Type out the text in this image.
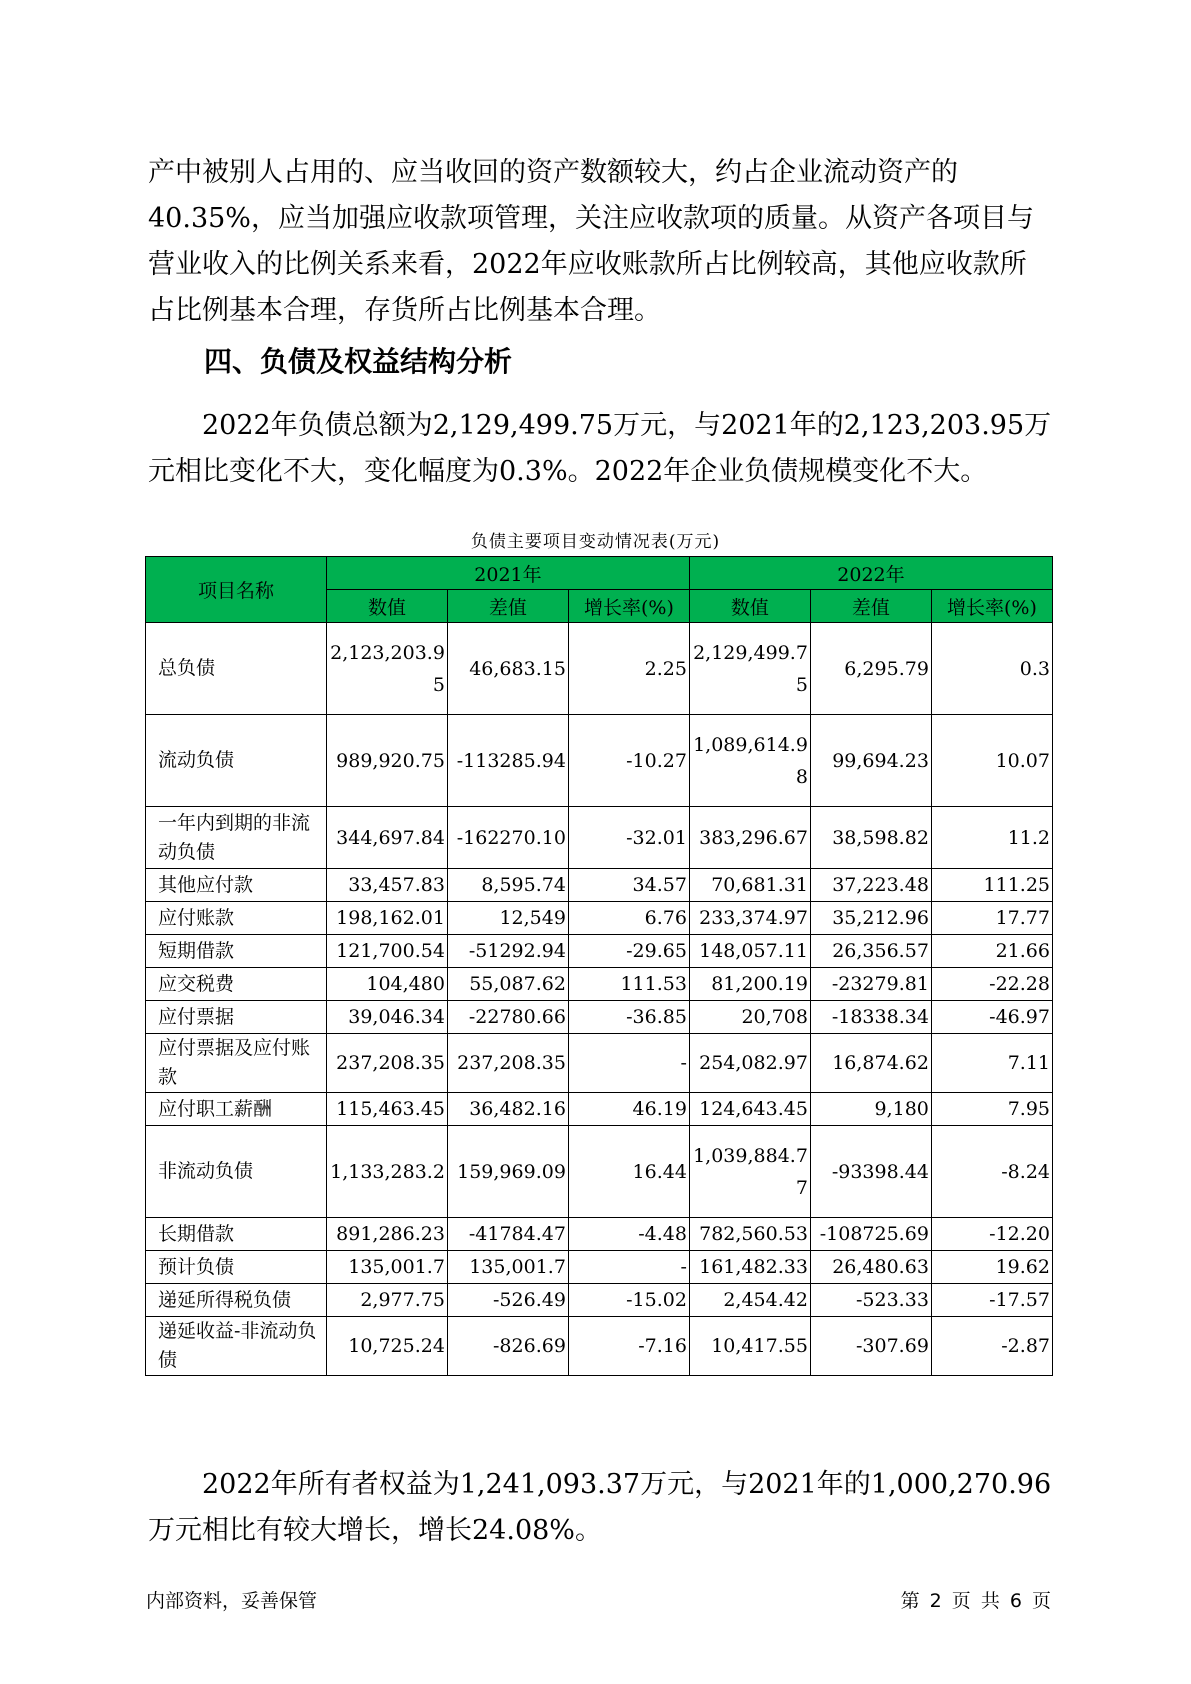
产中被别人占用的、应当收回的资产数额较大，约占企业流动资产的40.35%，应当加强应收款项管理，关注应收款项的质量。从资产各项目与营业收入的比例关系来看，2022年应收账款所占比例较高，其他应收款所占比例基本合理，存货所占比例基本合理。

四、负债及权益结构分析

2022年负债总额为2,129,499.75万元，与2021年的2,123,203.95万元相比变化不大，变化幅度为0.3%。2022年企业负债规模变化不大。

负债主要项目变动情况表(万元)
项目名称	2021年			2022年		
	数值	差值	增长率(%)	数值	差值	增长率(%)
总负债	2,123,203.95	46,683.15	2.25	2,129,499.75	6,295.79	0.3
流动负债	989,920.75	-113285.94	-10.27	1,089,614.98	99,694.23	10.07
一年内到期的非流动负债	344,697.84	-162270.10	-32.01	383,296.67	38,598.82	11.2
其他应付款	33,457.83	8,595.74	34.57	70,681.31	37,223.48	111.25
应付账款	198,162.01	12,549	6.76	233,374.97	35,212.96	17.77
短期借款	121,700.54	-51292.94	-29.65	148,057.11	26,356.57	21.66
应交税费	104,480	55,087.62	111.53	81,200.19	-23279.81	-22.28
应付票据	39,046.34	-22780.66	-36.85	20,708	-18338.34	-46.97
应付票据及应付账款	237,208.35	237,208.35	-	254,082.97	16,874.62	7.11
应付职工薪酬	115,463.45	36,482.16	46.19	124,643.45	9,180	7.95
非流动负债	1,133,283.2	159,969.09	16.44	1,039,884.77	-93398.44	-8.24
长期借款	891,286.23	-41784.47	-4.48	782,560.53	-108725.69	-12.20
预计负债	135,001.7	135,001.7	-	161,482.33	26,480.63	19.62
递延所得税负债	2,977.75	-526.49	-15.02	2,454.42	-523.33	-17.57
递延收益-非流动负债	10,725.24	-826.69	-7.16	10,417.55	-307.69	-2.87

2022年所有者权益为1,241,093.37万元，与2021年的1,000,270.96万元相比有较大增长，增长24.08%。

内部资料，妥善保管	第 2 页 共 6 页
